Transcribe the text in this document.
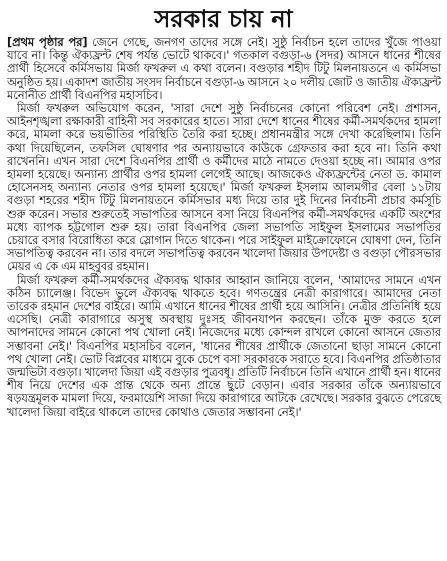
সরকার চায় না

[প্রথম পৃষ্ঠার পর] জেনে গেছে, জনগণ তাদের সঙ্গে নেই। সুষ্ঠু নির্বাচন হলে তাদের খুঁজে পাওয়া যাবে না। কিন্তু ঐক্যফ্রন্ট শেষ পর্যন্ত ভোটে থাকবে।' গতকাল বগুড়া-৬ (সদর) আসনে ধানের শীষের প্রার্থী হিসেবে কর্মিসভায় মির্জা ফখরুল এ কথা বলেন। বগুড়ার শহীদ টিটু মিলনায়তনে এ কর্মিসভা অনুষ্ঠিত হয়। একাদশ জাতীয় সংসদ নির্বাচনে বগুড়া-৬ আসনে ২০ দলীয় জোট ও জাতীয় ঐক্যফ্রন্ট মনোনীত প্রার্থী বিএনপির মহাসচিব।

মির্জা ফখরুল অভিযোগ করেন, 'সারা দেশে সুষ্ঠু নির্বাচনের কোনো পরিবেশ নেই। প্রশাসন, আইনশৃঙ্খলা রক্ষাকারী বাহিনী সব সরকারের হাতে। সারা দেশে ধানের শীষের কর্মী-সমর্থকদের হামলা করে, মামলা করে ভয়ভীতির পরিস্থিতি তৈরি করা হচ্ছে। প্রধানমন্ত্রীর সঙ্গে দেখা করেছিলাম। তিনি কথা দিয়েছিলেন, তফসিল ঘোষণার পর অন্যায়ভাবে কাউকে গ্রেফতার করা হবে না। তিনি কথা রাখেননি। এখন সারা দেশে বিএনপির প্রার্থী ও কর্মীদের মাঠে নামতে দেওয়া হচ্ছে না। আমার ওপর হামলা হয়েছে। অন্যান্য প্রার্থীর ওপর হামলা লেগেই আছে। আজকেও ঐক্যফ্রন্টের নেতা ড. কামাল হোসেনসহ অন্যান্য নেতার ওপর হামলা হয়েছে।' মির্জা ফখরুল ইসলাম আলমগীর বেলা ১১টায় বগুড়া শহরের শহীদ টিটু মিলনায়তনে কর্মিসভার মধ্য দিয়ে তার দুই দিনের নির্বাচনী প্রচার কর্মসূচি শুরু করেন। সভার শুরুতেই সভাপতির আসনে বসা নিয়ে বিএনপির কর্মী-সমর্থকদের একটি অংশের মধ্যে ব্যাপক হট্টগোল শুরু হয়। তারা বিএনপির জেলা সভাপতি সাইফুল ইসলামের সভাপতির চেয়ারে বসার বিরোধিতা করে স্লোগান দিতে থাকেন। পরে সাইফুল মাইক্রোফোনে ঘোষণা দেন, তিনি সভাপতিত্ব করবেন না। তার বদলে সভাপতিত্ব করবেন খালেদা জিয়ার উপদেষ্টা ও বগুড়া পৌরসভার মেয়র এ কে এম মাহবুবর রহমান।

মির্জা ফখরুল কর্মী-সমর্থকদের ঐক্যবদ্ধ থাকার আহ্বান জানিয়ে বলেন, 'আমাদের সামনে এখন কঠিন চ্যালেঞ্জ। বিভেদ ভুলে ঐক্যবদ্ধ থাকতে হবে। গণতন্ত্রের নেত্রী কারাগারে। আমাদের নেতা তারেক রহমান দেশের বাইরে। আমি এখানে ধানের শীষের প্রার্থী হয়ে আসিনি। নেত্রীর প্রতিনিধি হয়ে এসেছি। নেত্রী কারাগারে অসুস্থ অবস্থায় দুঃসহ জীবনযাপন করছেন। তাঁকে মুক্ত করতে হলে আপনাদের সামনে কোনো পথ খোলা নেই। নিজেদের মধ্যে কোন্দল রাখলে কোনো আসনে জেতার সম্ভাবনা নেই।' বিএনপির মহাসচিব বলেন, 'ধানের শীষের প্রার্থীকে জেতানো ছাড়া সামনে কোনো পথ খোলা নেই। ভোট বিপ্লবের মাধ্যমে বুকে চেপে বসা সরকারকে সরাতে হবে। বিএনপির প্রতিষ্ঠাতার জন্মভিটা বগুড়া। খালেদা জিয়া এই বগুড়ার পুত্রবধূ। প্রতিটি নির্বাচনে তিনি এখানে প্রার্থী হন। ধানের শীষ নিয়ে দেশের এক প্রান্ত থেকে অন্য প্রান্তে ছুটে বেড়ান। এবার সরকার তাঁকে অন্যায়ভাবে ষড়যন্ত্রমূলক মামলা দিয়ে, ফরমায়েশি সাজা দিয়ে কারাগারে আটকে রেখেছে। সরকার বুঝতে পেরেছে খালেদা জিয়া বাইরে থাকলে তাদের কোথাও জেতার সম্ভাবনা নেই।'
